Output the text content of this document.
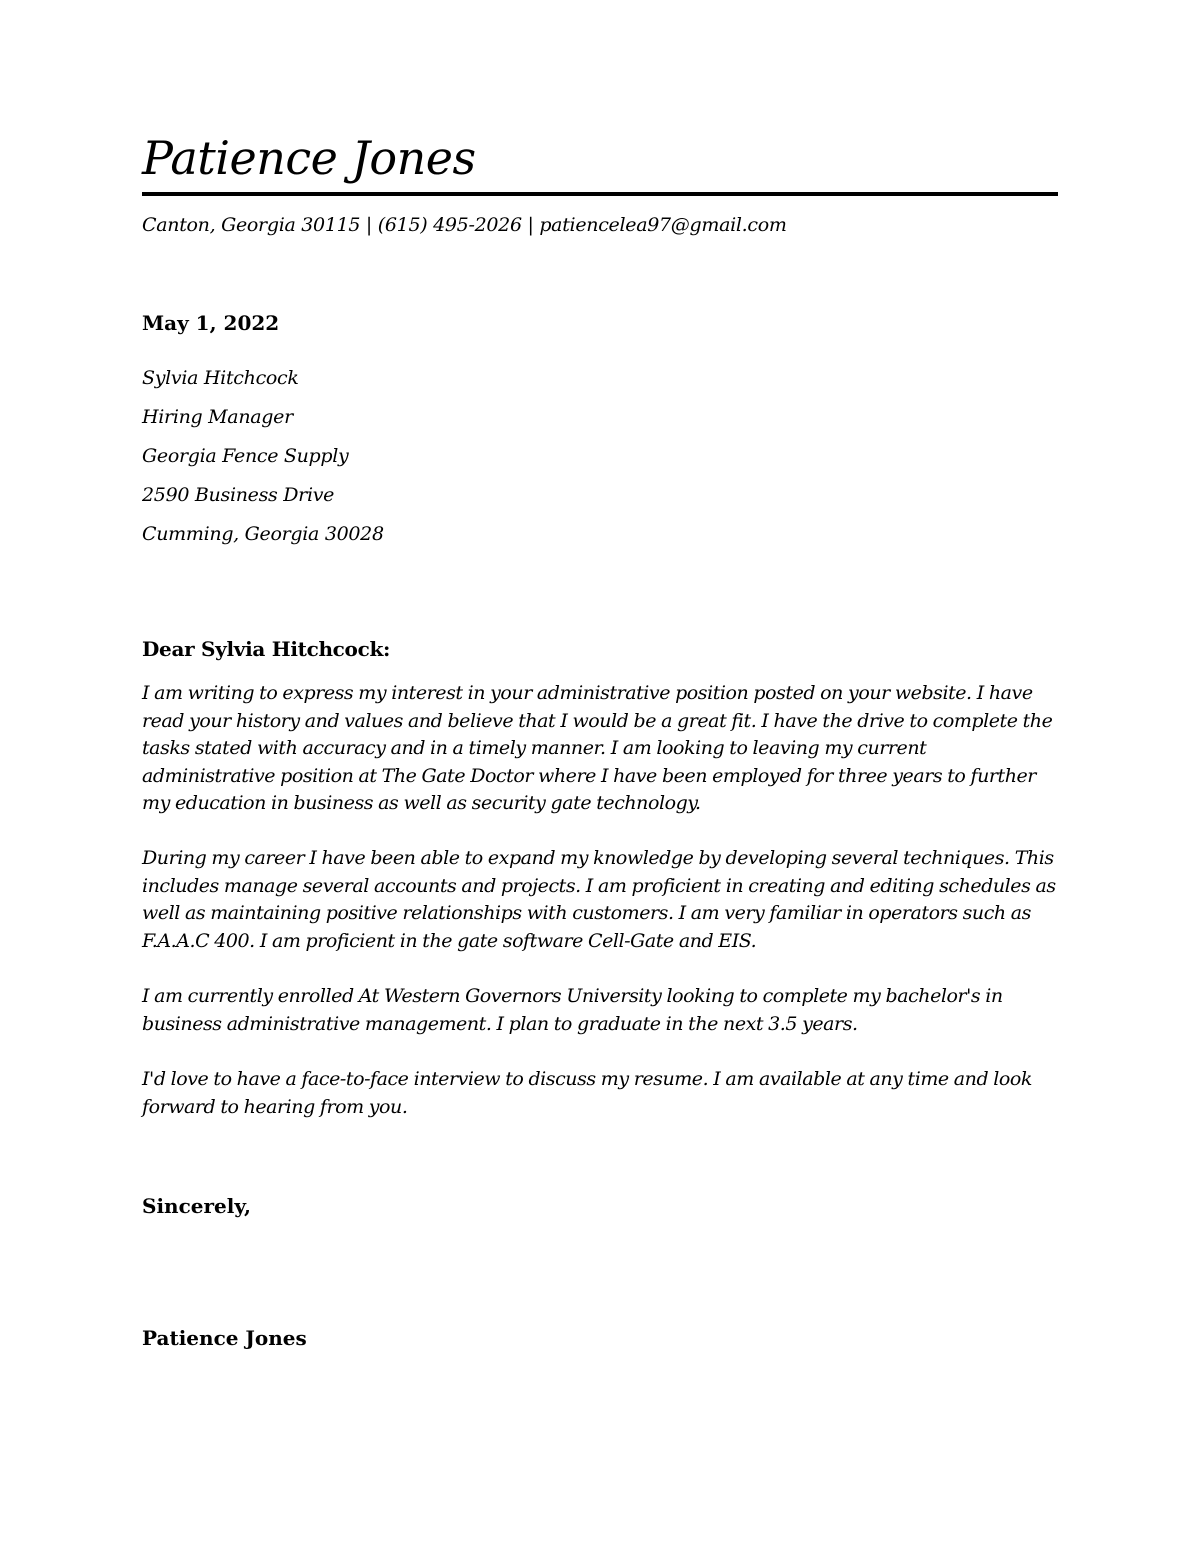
Patience Jones
Canton, Georgia 30115 | (615) 495-2026 | patiencelea97@gmail.com
May 1, 2022
Sylvia Hitchcock
Hiring Manager
Georgia Fence Supply
2590 Business Drive
Cumming, Georgia 30028
Dear Sylvia Hitchcock:

I am writing to express my interest in your administrative position posted on your website. I have read your history and values and believe that I would be a great fit. I have the drive to complete the tasks stated with accuracy and in a timely manner. I am looking to leaving my current administrative position at The Gate Doctor where I have been employed for three years to further my education in business as well as security gate technology.

During my career I have been able to expand my knowledge by developing several techniques. This includes manage several accounts and projects. I am proficient in creating and editing schedules as well as maintaining positive relationships with customers. I am very familiar in operators such as F.A.A.C 400. I am proficient in the gate software Cell-Gate and EIS.

I am currently enrolled At Western Governors University looking to complete my bachelor's in business administrative management. I plan to graduate in the next 3.5 years.

I'd love to have a face-to-face interview to discuss my resume. I am available at any time and look forward to hearing from you.

Sincerely,
Patience Jones
